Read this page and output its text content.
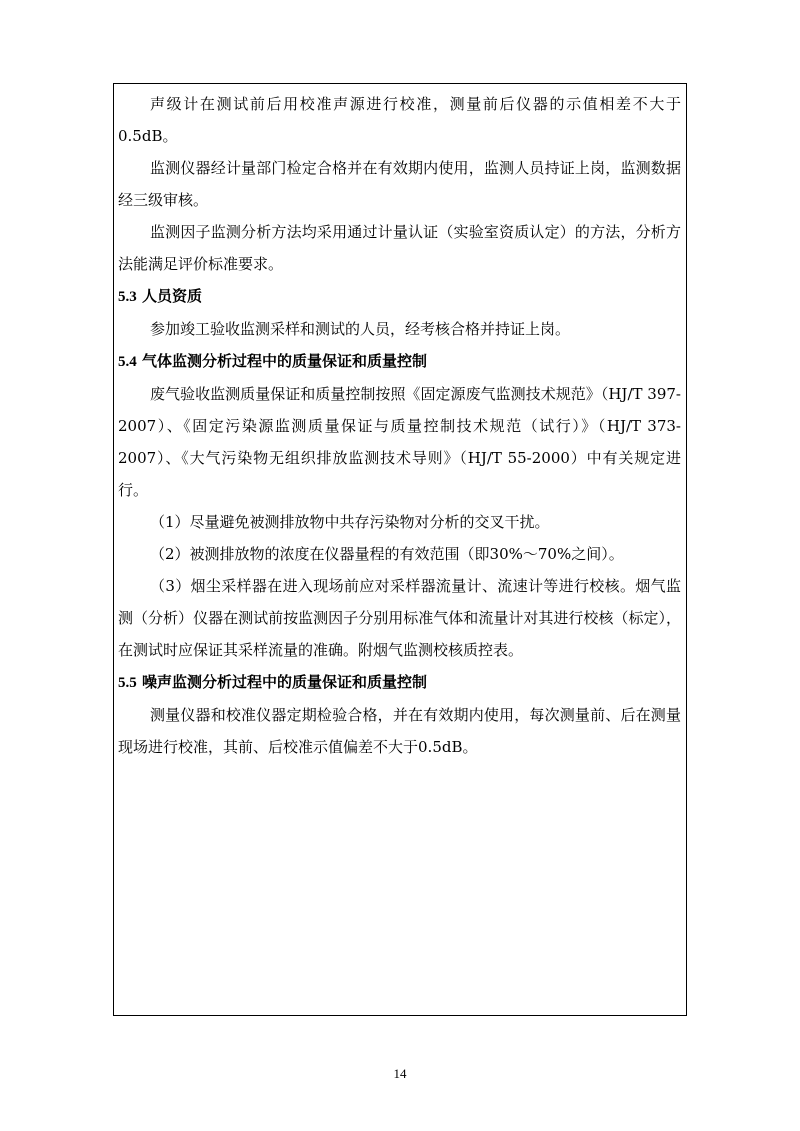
声级计在测试前后用校准声源进行校准，测量前后仪器的示值相差不大于0.5dB。

监测仪器经计量部门检定合格并在有效期内使用，监测人员持证上岗，监测数据经三级审核。

监测因子监测分析方法均采用通过计量认证（实验室资质认定）的方法，分析方法能满足评价标准要求。

5.3 人员资质

参加竣工验收监测采样和测试的人员，经考核合格并持证上岗。

5.4 气体监测分析过程中的质量保证和质量控制

废气验收监测质量保证和质量控制按照《固定源废气监测技术规范》（HJ/T 397-2007）、《固定污染源监测质量保证与质量控制技术规范（试行）》（HJ/T 373-2007）、《大气污染物无组织排放监测技术导则》（HJ/T 55-2000）中有关规定进行。

（1）尽量避免被测排放物中共存污染物对分析的交叉干扰。

（2）被测排放物的浓度在仪器量程的有效范围（即30%～70%之间）。

（3）烟尘采样器在进入现场前应对采样器流量计、流速计等进行校核。烟气监测（分析）仪器在测试前按监测因子分别用标准气体和流量计对其进行校核（标定），在测试时应保证其采样流量的准确。附烟气监测校核质控表。

5.5 噪声监测分析过程中的质量保证和质量控制

测量仪器和校准仪器定期检验合格，并在有效期内使用，每次测量前、后在测量现场进行校准，其前、后校准示值偏差不大于0.5dB。

14
